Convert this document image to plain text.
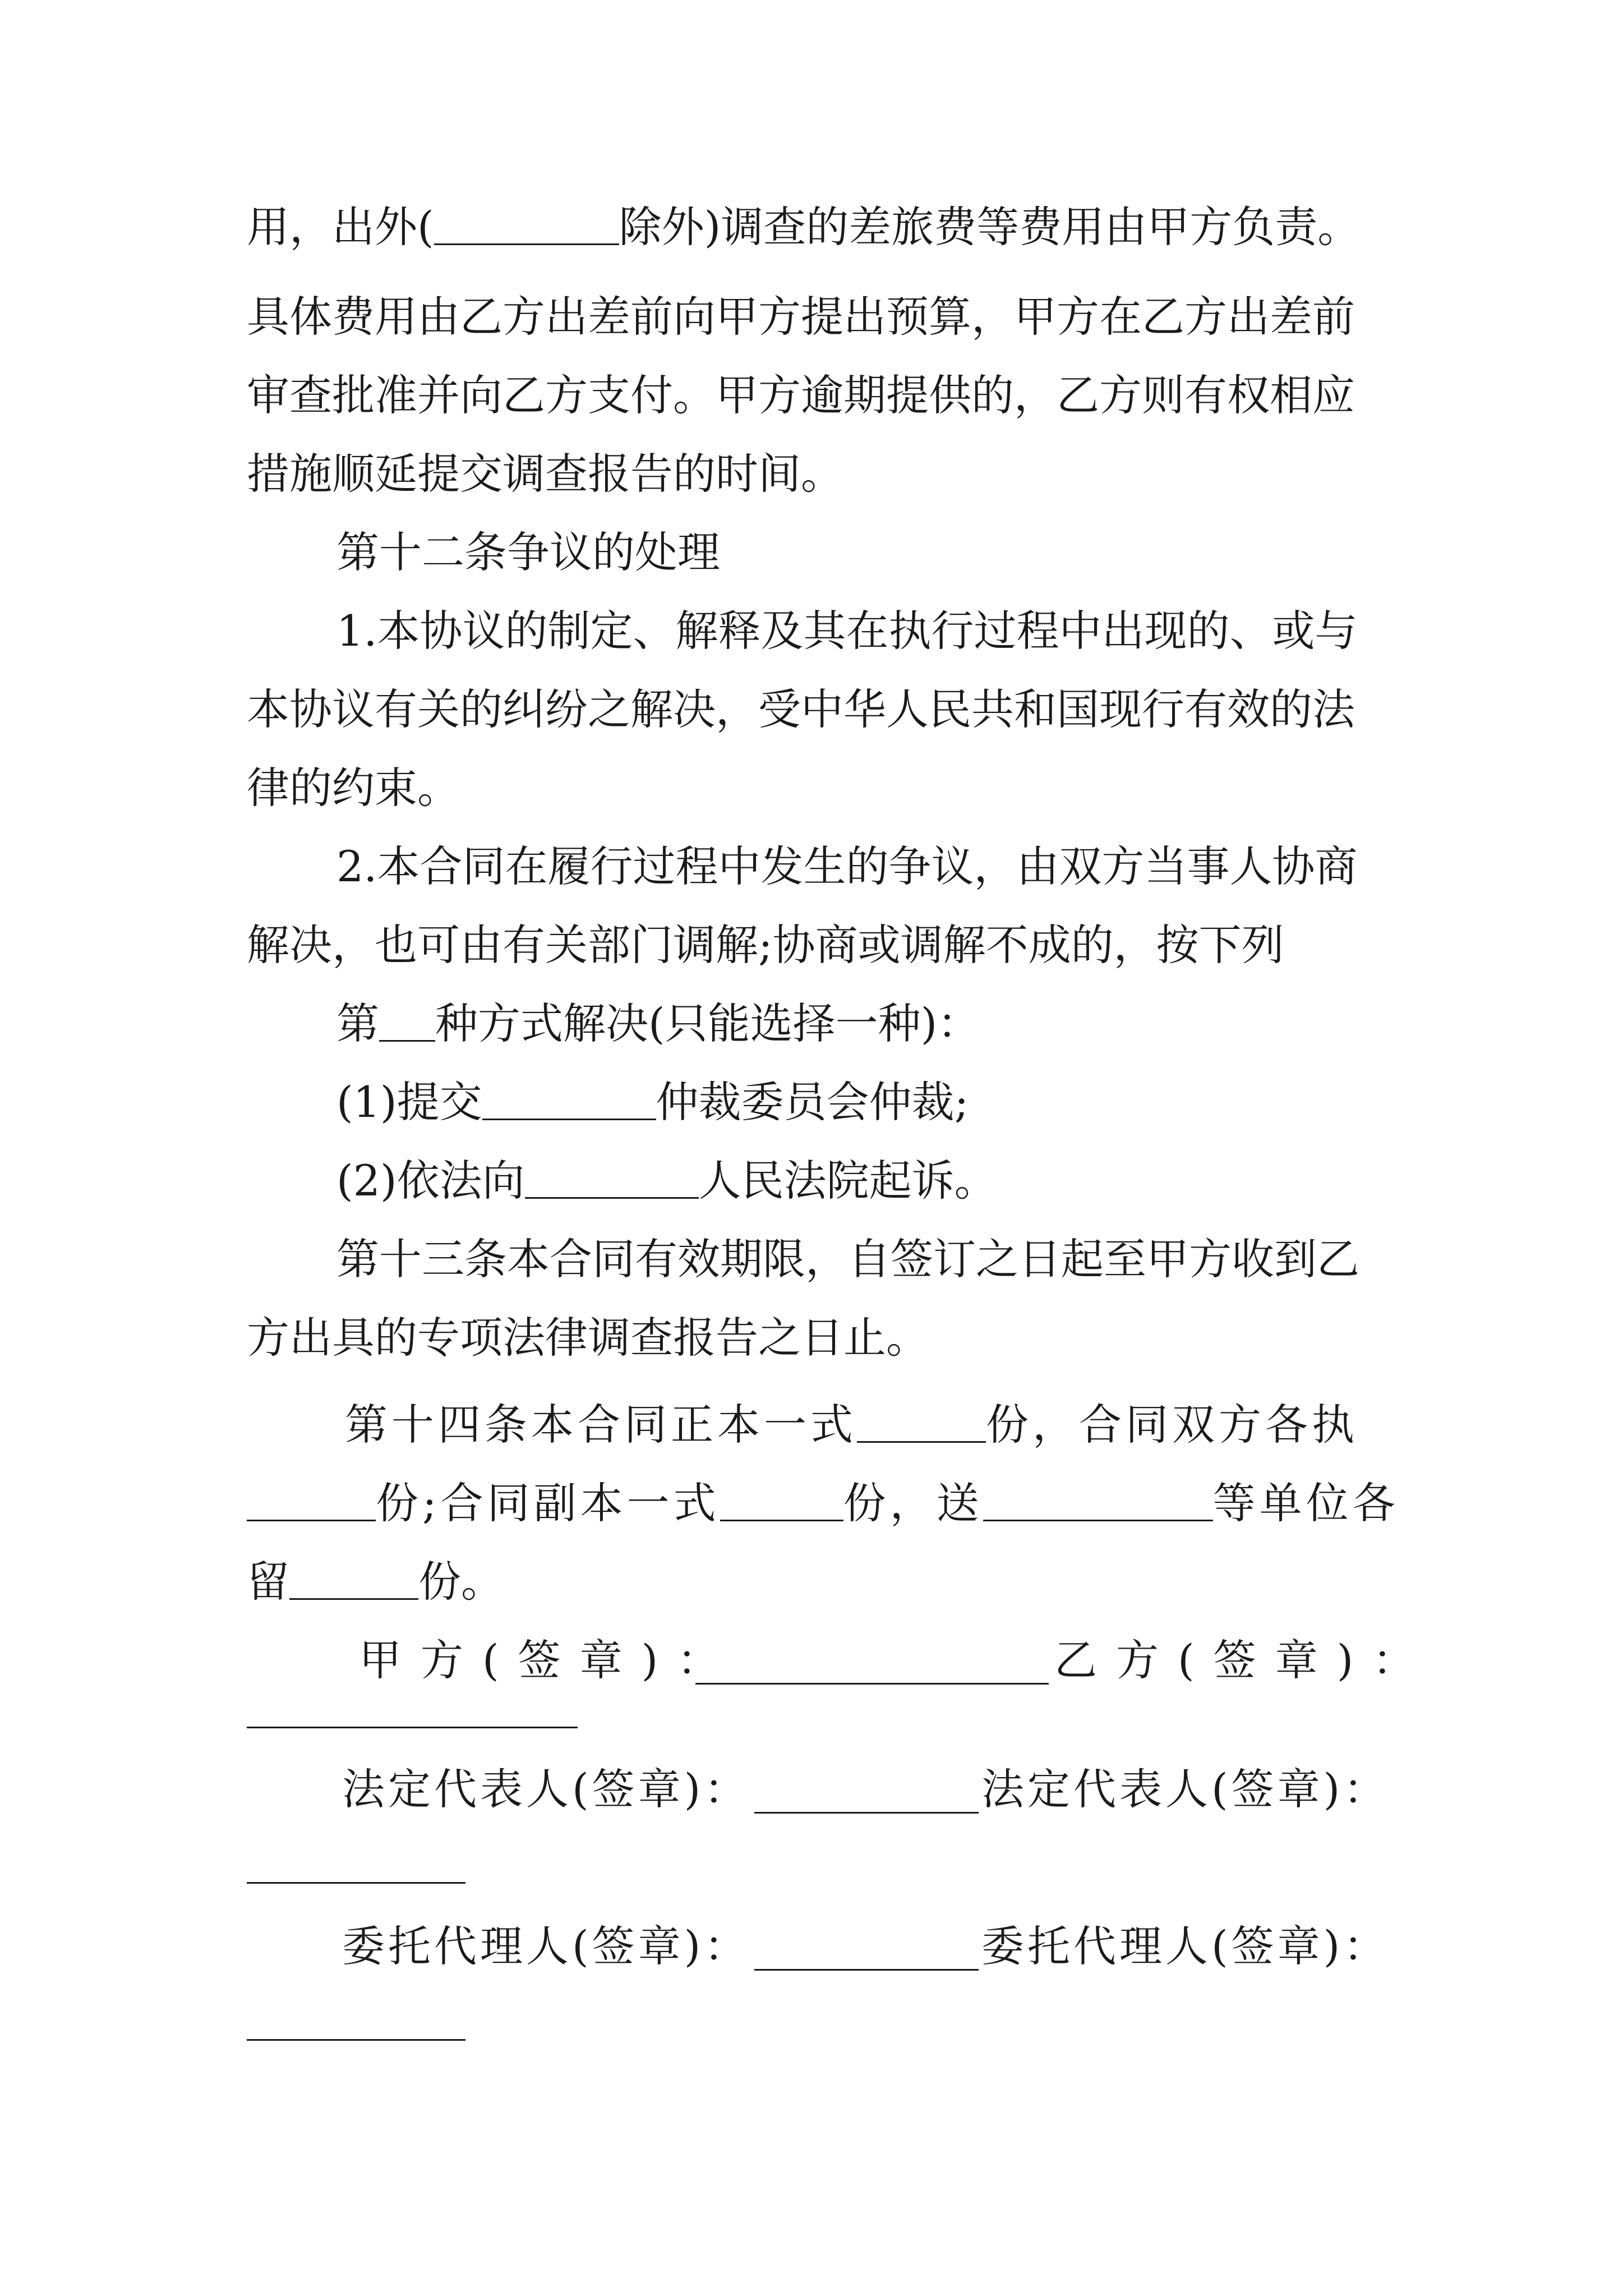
用，出外(	除外)调查的差旅费等费用由甲方负责。
具体费用由乙方出差前向甲方提出预算，甲方在乙方出差前
审查批准并向乙方支付。甲方逾期提供的，乙方则有权相应
措施顺延提交调查报告的时间。
第十二条争议的处理
1.本协议的制定、解释及其在执行过程中出现的、或与
本协议有关的纠纷之解决，受中华人民共和国现行有效的法
律的约束。
2.本合同在履行过程中发生的争议，由双方当事人协商
解决，也可由有关部门调解;协商或调解不成的，按下列
第 种方式解决(只能选择一种)：
(1)提交	仲裁委员会仲裁;
(2)依法向	人民法院起诉。
第十三条本合同有效期限，自签订之日起至甲方收到乙
方出具的专项法律调查报告之日止。
第十四条本合同正本一式	份，合同双方各执
份;合同副本一式	份，送	等单位各
留	份。
甲方(签章)：	乙方(签章)：
法定代表人(签章)：	法定代表人(签章)：
委托代理人(签章)：	委托代理人(签章)：
